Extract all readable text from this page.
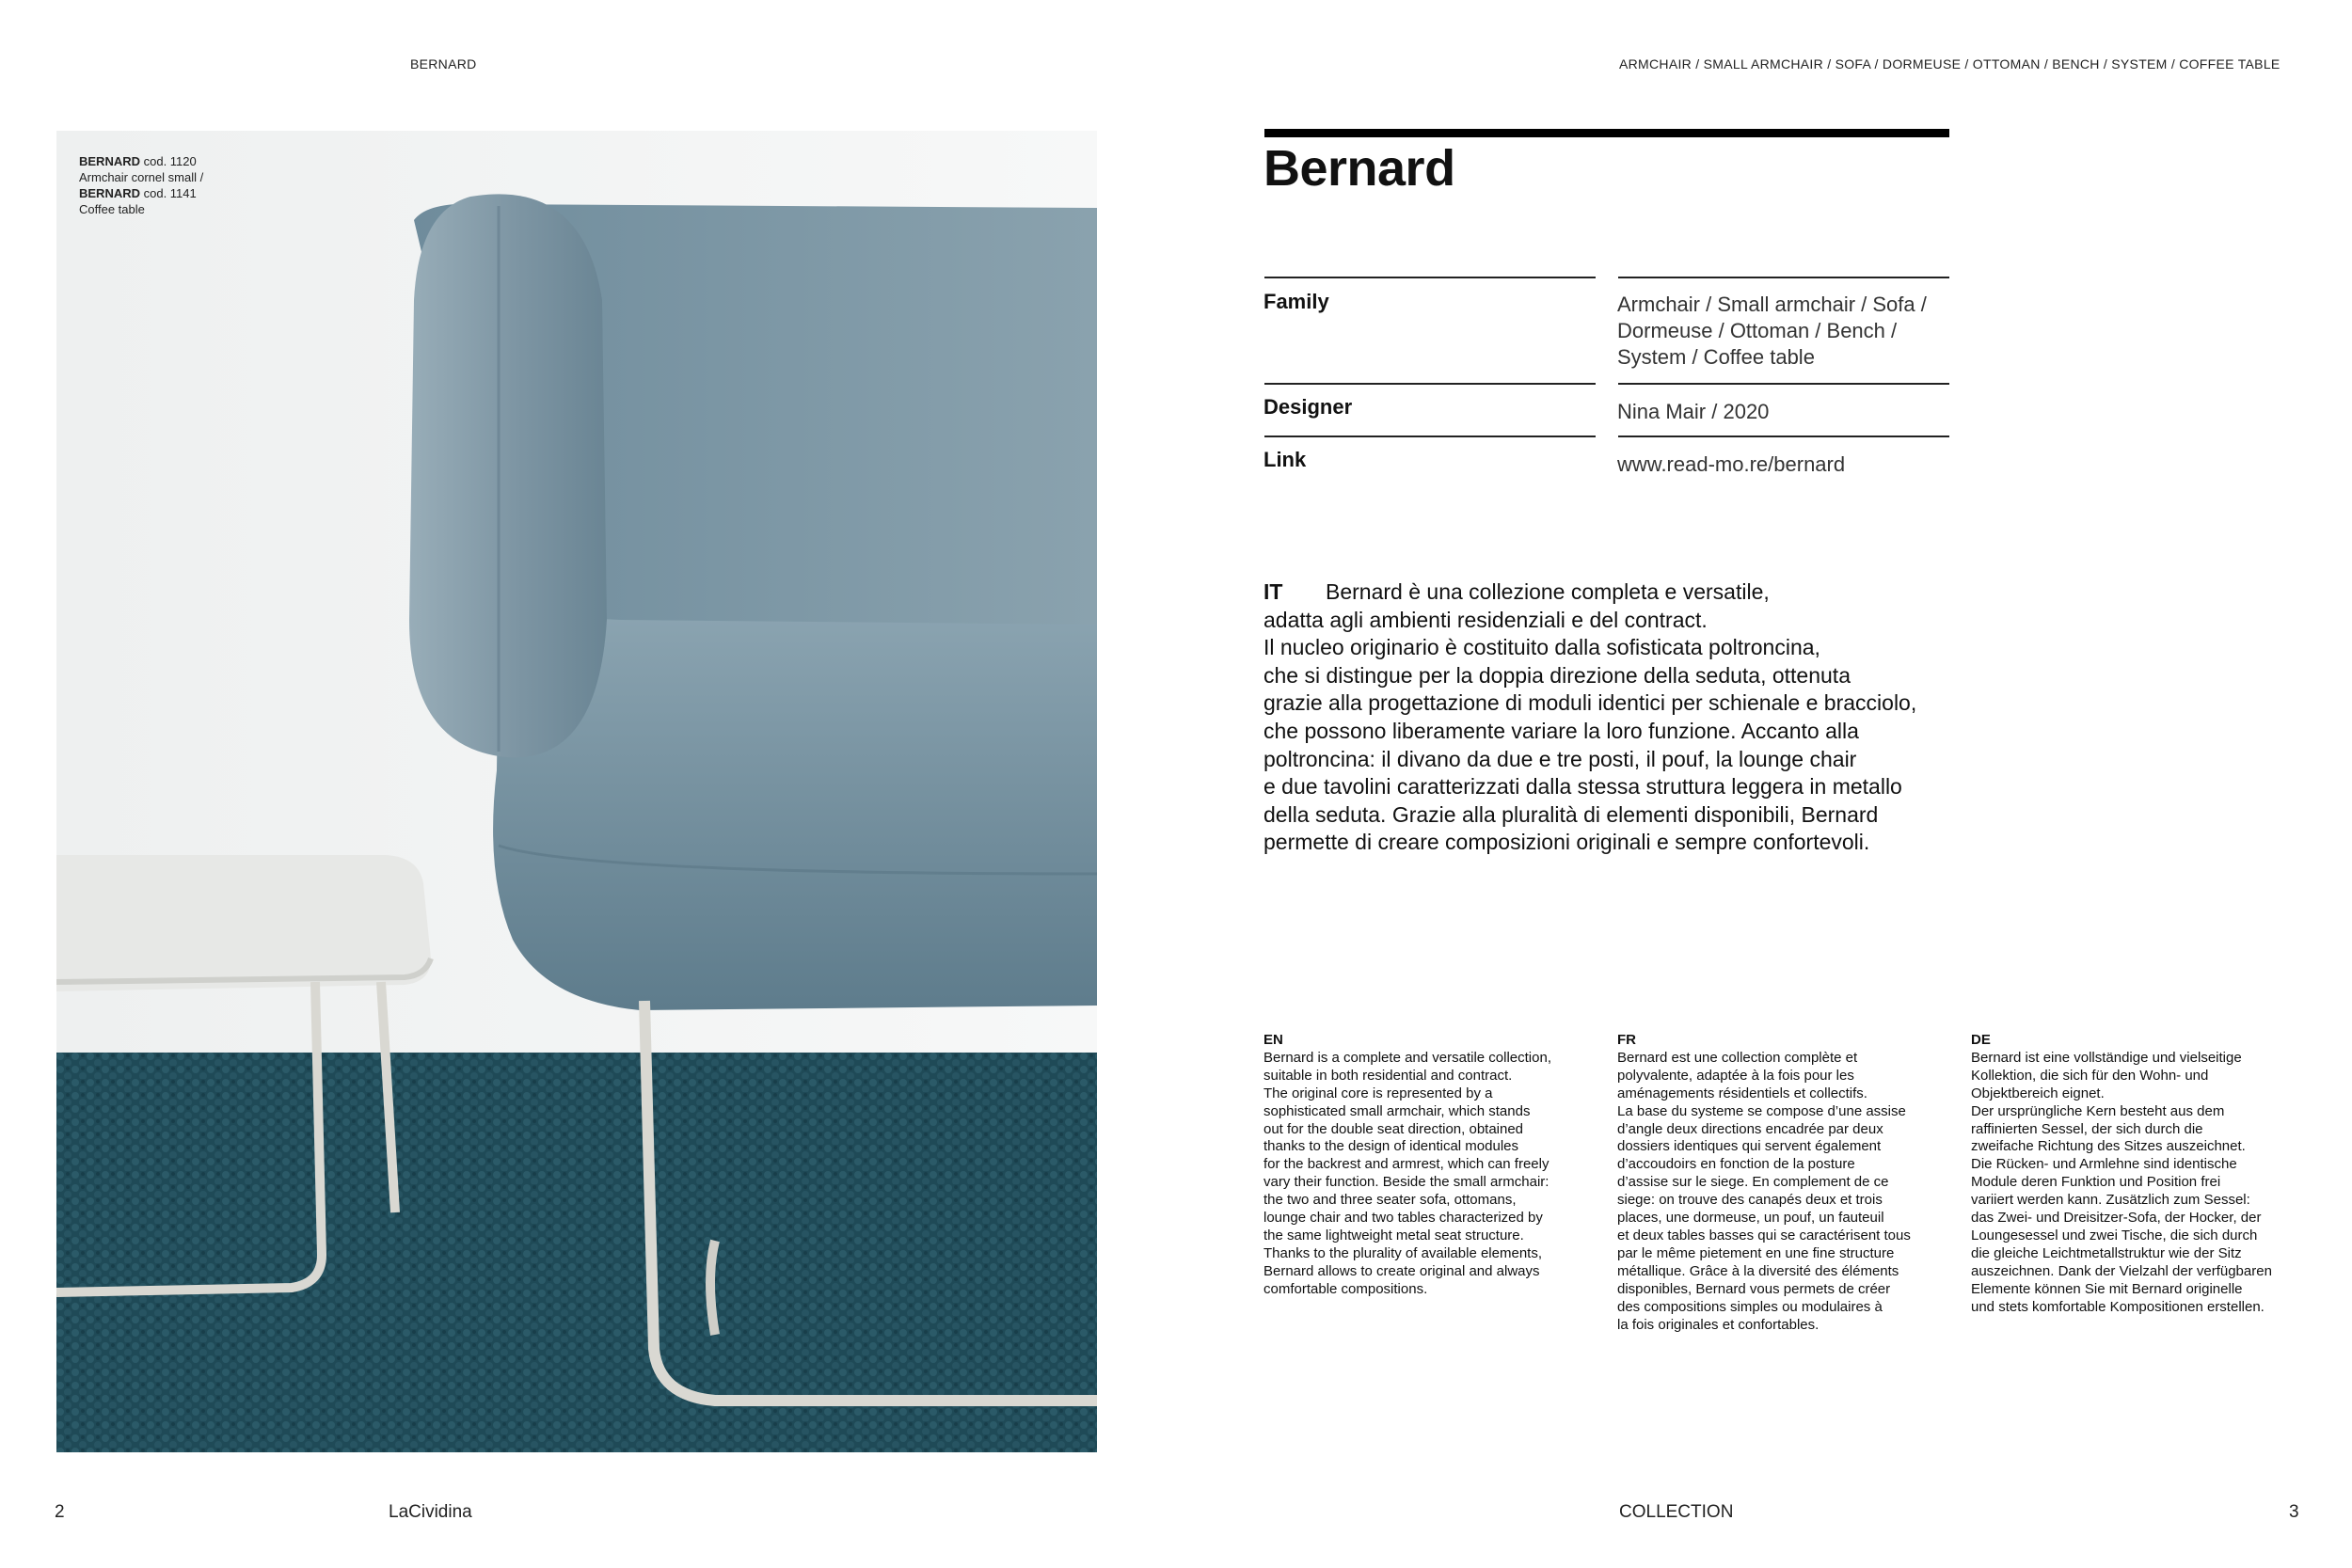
BERNARD	ARMCHAIR / SMALL ARMCHAIR / SOFA / DORMEUSE / OTTOMAN / BENCH / SYSTEM / COFFEE TABLE
BERNARD cod. 1120
Armchair cornel small /
BERNARD cod. 1141
Coffee table
Bernard
Family	Armchair / Small armchair / Sofa / Dormeuse / Ottoman / Bench / System / Coffee table
Designer	Nina Mair / 2020
Link	www.read-mo.re/bernard

IT Bernard è una collezione completa e versatile,
adatta agli ambienti residenziali e del contract.
Il nucleo originario è costituito dalla sofisticata poltroncina,
che si distingue per la doppia direzione della seduta, ottenuta
grazie alla progettazione di moduli identici per schienale e bracciolo,
che possono liberamente variare la loro funzione. Accanto alla
poltroncina: il divano da due e tre posti, il pouf, la lounge chair
e due tavolini caratterizzati dalla stessa struttura leggera in metallo
della seduta. Grazie alla pluralità di elementi disponibili, Bernard
permette di creare composizioni originali e sempre confortevoli.

EN
Bernard is a complete and versatile collection,
suitable in both residential and contract.
The original core is represented by a
sophisticated small armchair, which stands
out for the double seat direction, obtained
thanks to the design of identical modules
for the backrest and armrest, which can freely
vary their function. Beside the small armchair:
the two and three seater sofa, ottomans,
lounge chair and two tables characterized by
the same lightweight metal seat structure.
Thanks to the plurality of available elements,
Bernard allows to create original and always
comfortable compositions.
FR
Bernard est une collection complète et
polyvalente, adaptée à la fois pour les
aménagements résidentiels et collectifs.
La base du systeme se compose d’une assise
d’angle deux directions encadrée par deux
dossiers identiques qui servent également
d’accoudoirs en fonction de la posture
d’assise sur le siege. En complement de ce
siege: on trouve des canapés deux et trois
places, une dormeuse, un pouf, un fauteuil
et deux tables basses qui se caractérisent tous
par le même pietement en une fine structure
métallique. Grâce à la diversité des éléments
disponibles, Bernard vous permets de créer
des compositions simples ou modulaires à
la fois originales et confortables.
DE
Bernard ist eine vollständige und vielseitige
Kollektion, die sich für den Wohn- und
Objektbereich eignet.
Der ursprüngliche Kern besteht aus dem
raffinierten Sessel, der sich durch die
zweifache Richtung des Sitzes auszeichnet.
Die Rücken- und Armlehne sind identische
Module deren Funktion und Position frei
variiert werden kann. Zusätzlich zum Sessel:
das Zwei- und Dreisitzer-Sofa, der Hocker, der
Loungesessel und zwei Tische, die sich durch
die gleiche Leichtmetallstruktur wie der Sitz
auszeichnen. Dank der Vielzahl der verfügbaren
Elemente können Sie mit Bernard originelle
und stets komfortable Kompositionen erstellen.
2	LaCividina	COLLECTION	3
